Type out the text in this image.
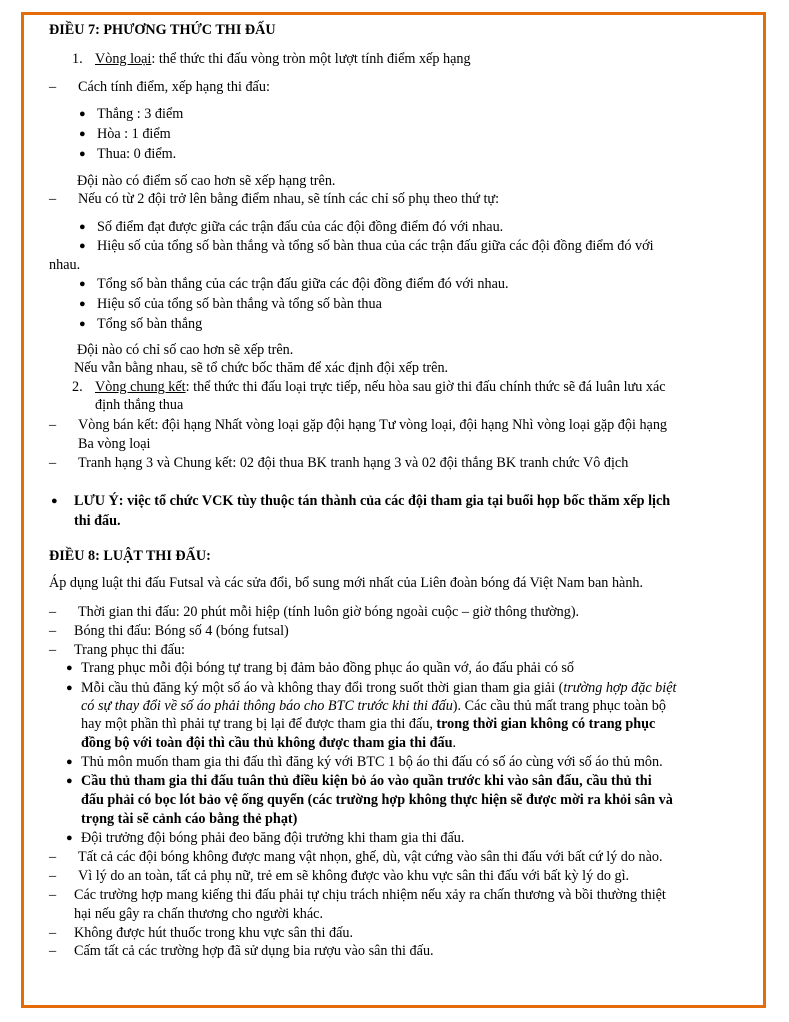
ĐIỀU 7: PHƯƠNG THỨC THI ĐẤU
1. Vòng loại: thể thức thi đấu vòng tròn một lượt tính điểm xếp hạng
– Cách tính điểm, xếp hạng thi đấu:
● Thắng : 3 điểm
● Hòa : 1 điểm
● Thua: 0 điểm.
Đội nào có điểm số cao hơn sẽ xếp hạng trên.
– Nếu có từ 2 đội trở lên bằng điểm nhau, sẽ tính các chỉ số phụ theo thứ tự:
● Số điểm đạt được giữa các trận đấu của các đội đồng điểm đó với nhau.
● Hiệu số của tổng số bàn thắng và tổng số bàn thua của các trận đấu giữa các đội đồng điểm đó với
nhau.
● Tổng số bàn thắng của các trận đấu giữa các đội đồng điểm đó với nhau.
● Hiệu số của tổng số bàn thắng và tổng số bàn thua
● Tổng số bàn thắng
Đội nào có chỉ số cao hơn sẽ xếp trên.
Nếu vẫn bằng nhau, sẽ tổ chức bốc thăm để xác định đội xếp trên.
2. Vòng chung kết: thể thức thi đấu loại trực tiếp, nếu hòa sau giờ thi đấu chính thức sẽ đá luân lưu xác
định thắng thua
– Vòng bán kết: đội hạng Nhất vòng loại gặp đội hạng Tư vòng loại, đội hạng Nhì vòng loại gặp đội hạng
Ba vòng loại
– Tranh hạng 3 và Chung kết: 02 đội thua BK tranh hạng 3 và 02 đội thắng BK tranh chức Vô địch
● LƯU Ý: việc tổ chức VCK tùy thuộc tán thành của các đội tham gia tại buổi họp bốc thăm xếp lịch
thi đấu.
ĐIỀU 8: LUẬT THI ĐẤU:
Áp dụng luật thi đấu Futsal và các sửa đổi, bổ sung mới nhất của Liên đoàn bóng đá Việt Nam ban hành.
– Thời gian thi đấu: 20 phút mỗi hiệp (tính luôn giờ bóng ngoài cuộc – giờ thông thường).
– Bóng thi đấu: Bóng số 4 (bóng futsal)
– Trang phục thi đấu:
● Trang phục mỗi đội bóng tự trang bị đảm bảo đồng phục áo quần vớ, áo đấu phải có số
● Mỗi cầu thủ đăng ký một số áo và không thay đổi trong suốt thời gian tham gia giải (trường hợp đặc biệt
có sự thay đổi về số áo phải thông báo cho BTC trước khi thi đấu). Các cầu thủ mất trang phục toàn bộ
hay một phần thì phải tự trang bị lại để được tham gia thi đấu, trong thời gian không có trang phục
đồng bộ với toàn đội thì cầu thủ không được tham gia thi đấu.
● Thủ môn muốn tham gia thi đấu thì đăng ký với BTC 1 bộ áo thi đấu có số áo cùng với số áo thủ môn.
● Cầu thủ tham gia thi đấu tuân thủ điều kiện bỏ áo vào quần trước khi vào sân đấu, cầu thủ thi
đấu phải có bọc lót bảo vệ ống quyển (các trường hợp không thực hiện sẽ được mời ra khỏi sân và
trọng tài sẽ cảnh cáo bằng thẻ phạt)
● Đội trưởng đội bóng phải đeo băng đội trưởng khi tham gia thi đấu.
– Tất cả các đội bóng không được mang vật nhọn, ghế, dù, vật cứng vào sân thi đấu với bất cứ lý do nào.
– Vì lý do an toàn, tất cả phụ nữ, trẻ em sẽ không được vào khu vực sân thi đấu với bất kỳ lý do gì.
– Các trường hợp mang kiếng thi đấu phải tự chịu trách nhiệm nếu xảy ra chấn thương và bồi thường thiệt
hại nếu gây ra chấn thương cho người khác.
– Không được hút thuốc trong khu vực sân thi đấu.
– Cấm tất cả các trường hợp đã sử dụng bia rượu vào sân thi đấu.
